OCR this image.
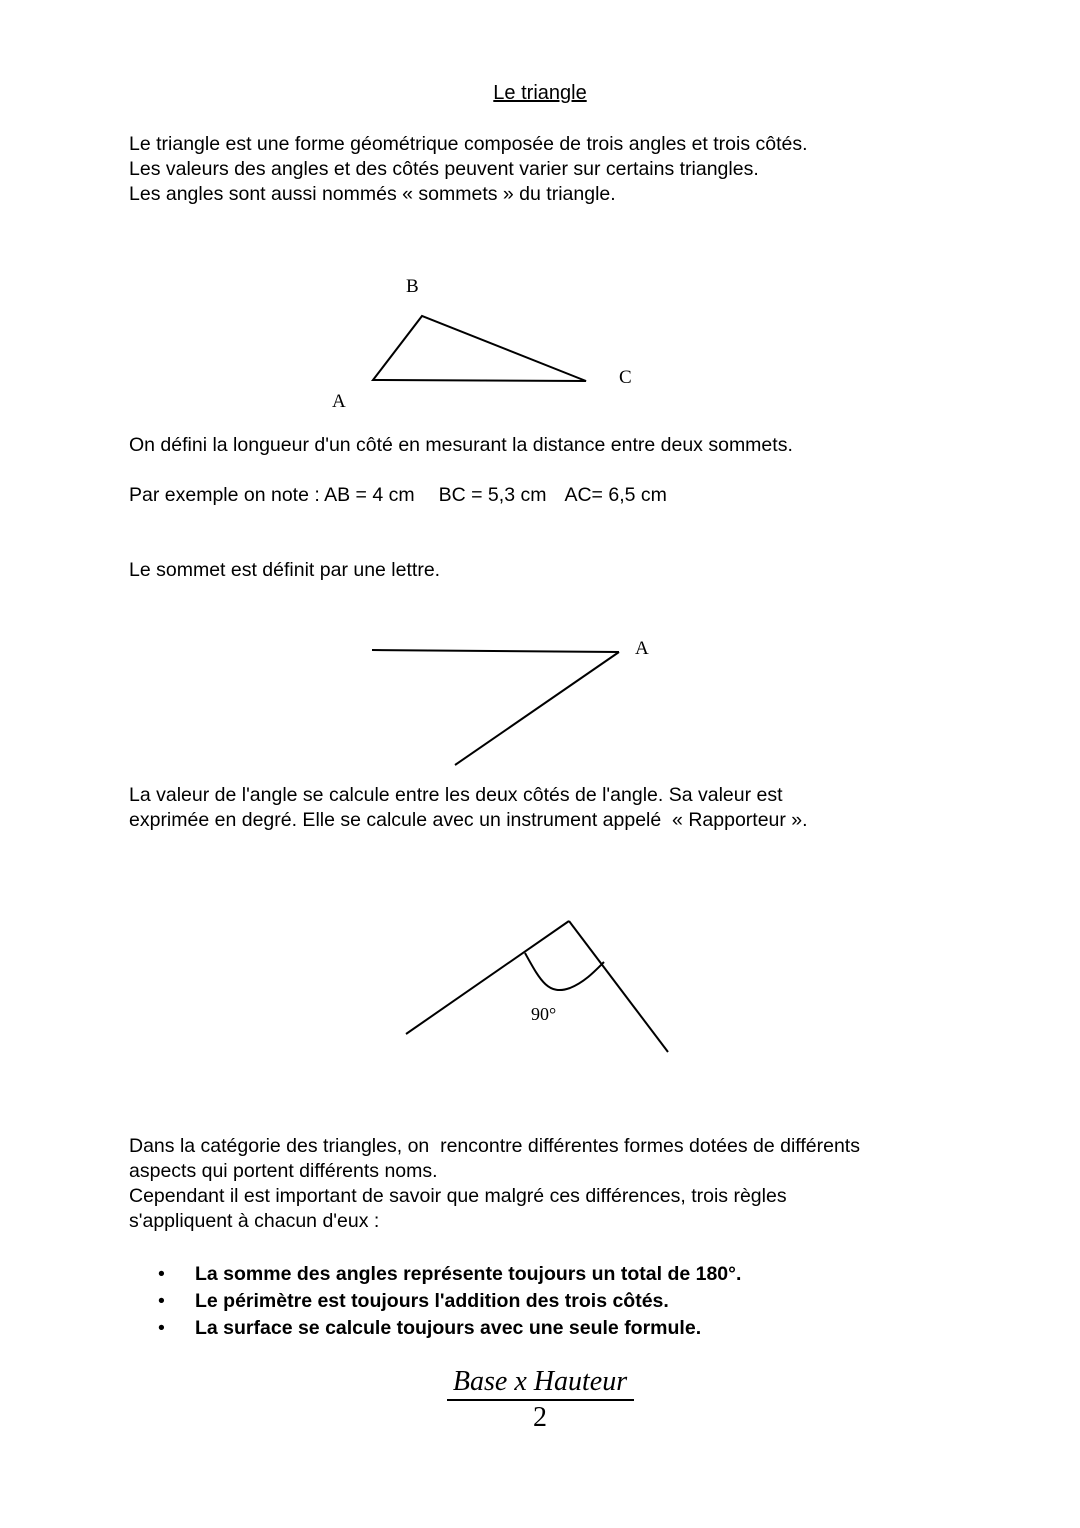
Le triangle
Le triangle est une forme géométrique composée de trois angles et trois côtés.
Les valeurs des angles et des côtés peuvent varier sur certains triangles.
Les angles sont aussi nommés « sommets » du triangle.
B
C
A
On défini la longueur d'un côté en mesurant la distance entre deux sommets.
Par exemple on note : AB = 4 cm BC = 5,3 cm AC= 6,5 cm
Le sommet est définit par une lettre.
A
La valeur de l'angle se calcule entre les deux côtés de l'angle. Sa valeur est
exprimée en degré. Elle se calcule avec un instrument appelé  « Rapporteur ».
90°
Dans la catégorie des triangles, on  rencontre différentes formes dotées de différents
aspects qui portent différents noms.
Cependant il est important de savoir que malgré ces différences, trois règles
s'appliquent à chacun d'eux :
• La somme des angles représente toujours un total de 180°.
• Le périmètre est toujours l'addition des trois côtés.
• La surface se calcule toujours avec une seule formule.
Base x Hauteur
2
